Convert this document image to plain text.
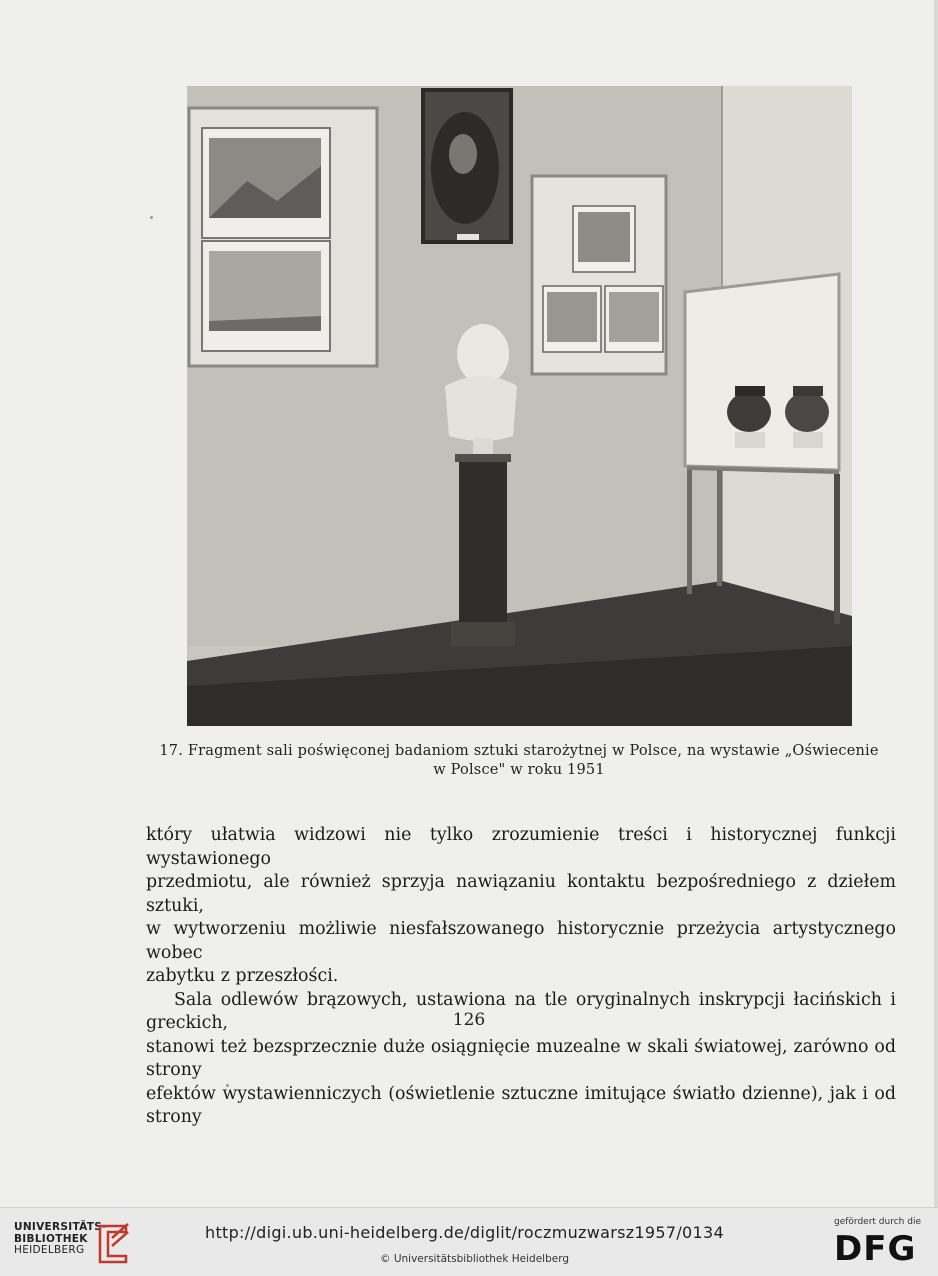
17. Fragment sali poświęconej badaniom sztuki starożytnej w Polsce, na wystawie „Oświecenie
w Polsce" w roku 1951

który ułatwia widzowi nie tylko zrozumienie treści i historycznej funkcji wystawionego

przedmiotu, ale również sprzyja nawiązaniu kontaktu bezpośredniego z dziełem sztuki,

w wytworzeniu możliwie niesfałszowanego historycznie przeżycia artystycznego wobec

zabytku z przeszłości.

Sala odlewów brązowych, ustawiona na tle oryginalnych inskrypcji łacińskich i greckich,

stanowi też bezsprzecznie duże osiągnięcie muzealne w skali światowej, zarówno od strony

efektów wystawienniczych (oświetlenie sztuczne imitujące światło dzienne), jak i od strony

126
UNIVERSITÄTS-
BIBLIOTHEK
HEIDELBERG
http://digi.ub.uni-heidelberg.de/diglit/roczmuzwarsz1957/0134
© Universitätsbibliothek Heidelberg
gefördert durch die
DFG
